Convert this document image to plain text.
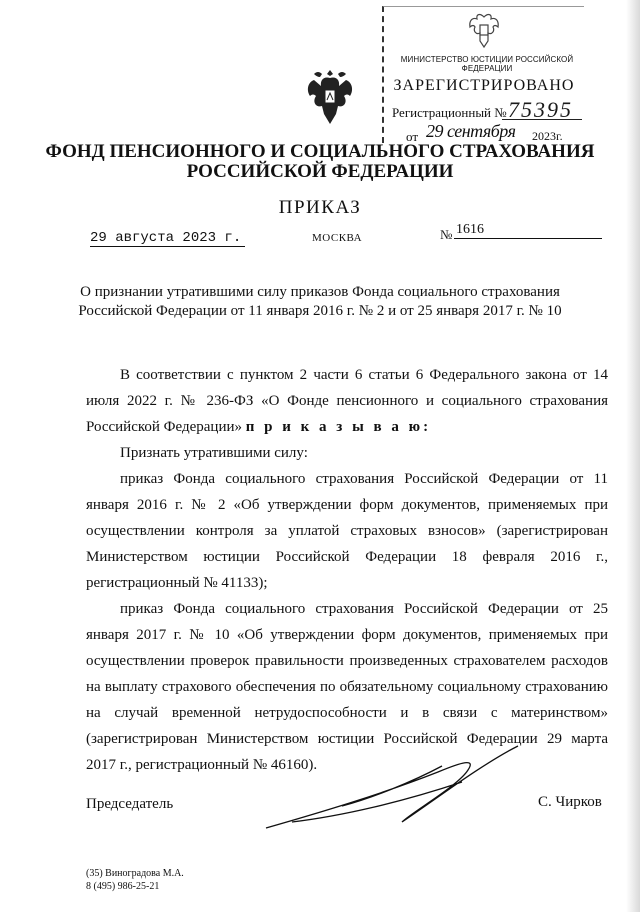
МИНИСТЕРСТВО ЮСТИЦИИ РОССИЙСКОЙ ФЕДЕРАЦИИ
ЗАРЕГИСТРИРОВАНО
Регистрационный № 75395
от 29 сентября 2023г.
ФОНД ПЕНСИОННОГО И СОЦИАЛЬНОГО СТРАХОВАНИЯ
РОССИЙСКОЙ ФЕДЕРАЦИИ
ПРИКАЗ
29 августа 2023 г.	МОСКВА	№ 1616
О признании утратившими силу приказов Фонда социального страхования
Российской Федерации от 11 января 2016 г. № 2 и от 25 января 2017 г. № 10
В соответствии с пунктом 2 части 6 статьи 6 Федерального закона от 14 июля 2022 г. № 236-ФЗ «О Фонде пенсионного и социального страхования Российской Федерации» п р и к а з ы в а ю:
Признать утратившими силу:
приказ Фонда социального страхования Российской Федерации от 11 января 2016 г. № 2 «Об утверждении форм документов, применяемых при осуществлении контроля за уплатой страховых взносов» (зарегистрирован Министерством юстиции Российской Федерации 18 февраля 2016 г., регистрационный № 41133);
приказ Фонда социального страхования Российской Федерации от 25 января 2017 г. № 10 «Об утверждении форм документов, применяемых при осуществлении проверок правильности произведенных страхователем расходов на выплату страхового обеспечения по обязательному социальному страхованию на случай временной нетрудоспособности и в связи с материнством» (зарегистрирован Министерством юстиции Российской Федерации 29 марта 2017 г., регистрационный № 46160).
Председатель	С. Чирков
(35) Виноградова М.А.
8 (495) 986-25-21
